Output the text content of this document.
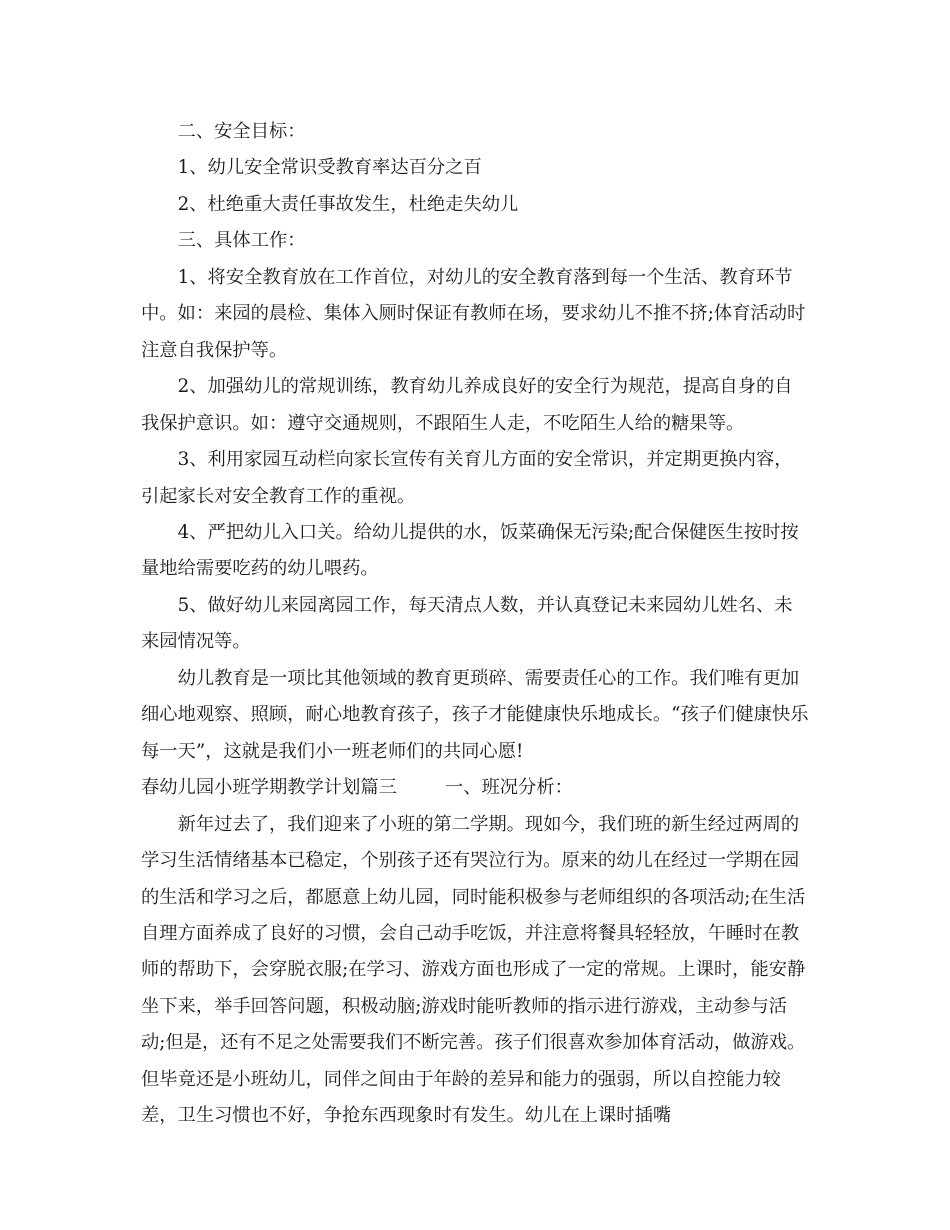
二、安全目标：

1、幼儿安全常识受教育率达百分之百

2、杜绝重大责任事故发生，杜绝走失幼儿

三、具体工作：

1、将安全教育放在工作首位，对幼儿的安全教育落到每一个生活、教育环节中。如：来园的晨检、集体入厕时保证有教师在场，要求幼儿不推不挤;体育活动时注意自我保护等。

2、加强幼儿的常规训练，教育幼儿养成良好的安全行为规范，提高自身的自我保护意识。如：遵守交通规则，不跟陌生人走，不吃陌生人给的糖果等。

3、利用家园互动栏向家长宣传有关育儿方面的安全常识，并定期更换内容，引起家长对安全教育工作的重视。

4、严把幼儿入口关。给幼儿提供的水，饭菜确保无污染;配合保健医生按时按量地给需要吃药的幼儿喂药。

5、做好幼儿来园离园工作，每天清点人数，并认真登记未来园幼儿姓名、未来园情况等。

幼儿教育是一项比其他领域的教育更琐碎、需要责任心的工作。我们唯有更加细心地观察、照顾，耐心地教育孩子，孩子才能健康快乐地成长。“孩子们健康快乐每一天”，这就是我们小一班老师们的共同心愿!

春幼儿园小班学期教学计划篇三	一、班况分析：

新年过去了，我们迎来了小班的第二学期。现如今，我们班的新生经过两周的学习生活情绪基本已稳定，个别孩子还有哭泣行为。原来的幼儿在经过一学期在园的生活和学习之后，都愿意上幼儿园，同时能积极参与老师组织的各项活动;在生活自理方面养成了良好的习惯，会自己动手吃饭，并注意将餐具轻轻放，午睡时在教师的帮助下，会穿脱衣服;在学习、游戏方面也形成了一定的常规。上课时，能安静坐下来，举手回答问题，积极动脑;游戏时能听教师的指示进行游戏，主动参与活动;但是，还有不足之处需要我们不断完善。孩子们很喜欢参加体育活动，做游戏。但毕竟还是小班幼儿，同伴之间由于年龄的差异和能力的强弱，所以自控能力较差，卫生习惯也不好，争抢东西现象时有发生。幼儿在上课时插嘴
